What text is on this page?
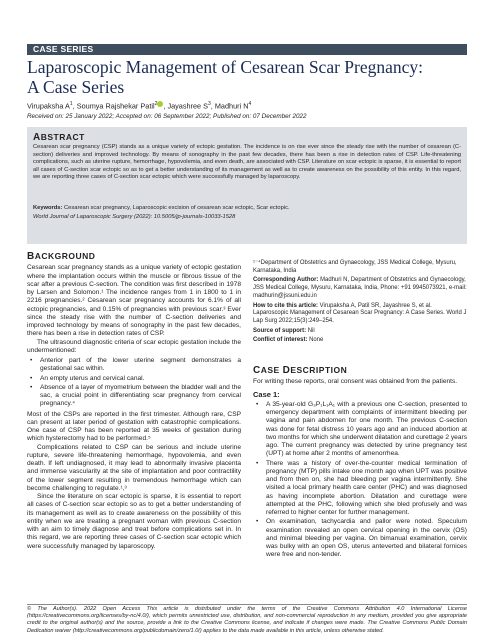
CASE SERIES
Laparoscopic Management of Cesarean Scar Pregnancy:
A Case Series
Virupaksha $A^1$, Soumya Rajshekar Patil$^2$ , Jayashree $S^3$, Madhuri $N^4$
Received on: 25 January 2022; Accepted on: 06 September 2022; Published on: 07 December 2022
ABSTRACT
Cesarean scar pregnancy (CSP) stands as a unique variety of ectopic gestation. The incidence is on rise ever since the steady rise with the number of cesarean (C-section) deliveries and improved technology. By means of sonography in the past few decades, there has been a rise in detection rates of CSP. Life-threatening complications, such as uterine rupture, hemorrhage, hypovolemia, and even death, are associated with CSP. Literature on scar ectopic is sparse, it is essential to report all cases of C-section scar ectopic so as to get a better understanding of its management as well as to create awareness on the possibility of this entity. In this regard, we are reporting three cases of C-section scar ectopic which were successfully managed by laparoscopy.
Keywords: Cesarean scar pregnancy, Laparoscopic excision of cesarean scar ectopic, Scar ectopic.
World Journal of Laparoscopic Surgery (2022): 10.5005/jp-journals-10033-1528
BACKGROUND

Cesarean scar pregnancy stands as a unique variety of ectopic gestation where the implantation occurs within the muscle or fibrous tissue of the scar after a previous C-section. The condition was first described in 1978 by Larsen and Solomon.¹ The incidence ranges from 1 in 1800 to 1 in 2216 pregnancies.² Cesarean scar pregnancy accounts for 6.1% of all ectopic pregnancies, and 0.15% of pregnancies with previous scar.³ Ever since the steady rise with the number of C-section deliveries and improved technology by means of sonography in the past few decades, there has been a rise in detection rates of CSP.

The ultrasound diagnostic criteria of scar ectopic gestation include the undermentioned:

• Anterior part of the lower uterine segment demonstrates a gestational sac within.
• An empty uterus and cervical canal.
• Absence of a layer of myometrium between the bladder wall and the sac, a crucial point in differentiating scar pregnancy from cervical pregnancy.⁴

Most of the CSPs are reported in the first trimester. Although rare, CSP can present at later period of gestation with catastrophic complications. One case of CSP has been reported at 35 weeks of gestation during which hysterectomy had to be performed.⁵

Complications related to CSP can be serious and include uterine rupture, severe life-threatening hemorrhage, hypovolemia, and even death. If left undiagnosed, it may lead to abnormally invasive placenta and immense vascularity at the site of implantation and poor contractility of the lower segment resulting in tremendous hemorrhage which can become challenging to regulate.¹,³

Since the literature on scar ectopic is sparse, it is essential to report all cases of C-section scar ectopic so as to get a better understanding of its management as well as to create awareness on the possibility of this entity when we are treating a pregnant woman with previous C-section with an aim to timely diagnose and treat before complications set in. In this regard, we are reporting three cases of C-section scar ectopic which were successfully managed by laparoscopy.

¹⁻⁴Department of Obstetrics and Gynaecology, JSS Medical College, Mysuru, Karnataka, India
Corresponding Author: Madhuri N, Department of Obstetrics and Gynaecology, JSS Medical College, Mysuru, Karnataka, India, Phone: +91 9945073921, e-mail: madhurin@jssuni.edu.in
How to cite this article: Virupaksha A, Patil SR, Jayashree S, et al. Laparoscopic Management of Cesarean Scar Pregnancy: A Case Series. World J Lap Surg 2022;15(3):249–254.
Source of support: Nil
Conflict of interest: None
CASE DESCRIPTION

For writing these reports, oral consent was obtained from the patients.

Case 1:
• A 35-year-old G₃P₁L₁A₁ with a previous one C-section, presented to emergency department with complaints of intermittent bleeding per vagina and pain abdomen for one month. The previous C-section was done for fetal distress 10 years ago and an induced abortion at two months for which she underwent dilatation and curettage 2 years ago. The current pregnancy was detected by urine pregnancy test (UPT) at home after 2 months of amenorrhea.
• There was a history of over-the-counter medical termination of pregnancy (MTP) pills intake one month ago when UPT was positive and from then on, she had bleeding per vagina intermittently. She visited a local primary health care center (PHC) and was diagnosed as having incomplete abortion. Dilatation and curettage were attempted at the PHC, following which she bled profusely and was referred to higher center for further management.
• On examination, tachycardia and pallor were noted. Speculum examination revealed an open cervical opening in the cervix (OS) and minimal bleeding per vagina. On bimanual examination, cervix was bulky with an open OS, uterus anteverted and bilateral fornices were free and non-tender.
© The Author(s). 2022 Open Access This article is distributed under the terms of the Creative Commons Attribution 4.0 International License (https://creativecommons.org/licenses/by-nc/4.0/), which permits unrestricted use, distribution, and non-commercial reproduction in any medium, provided you give appropriate credit to the original author(s) and the source, provide a link to the Creative Commons license, and indicate if changes were made. The Creative Commons Public Domain Dedication waiver (http://creativecommons.org/publicdomain/zero/1.0/) applies to the data made available in this article, unless otherwise stated.
